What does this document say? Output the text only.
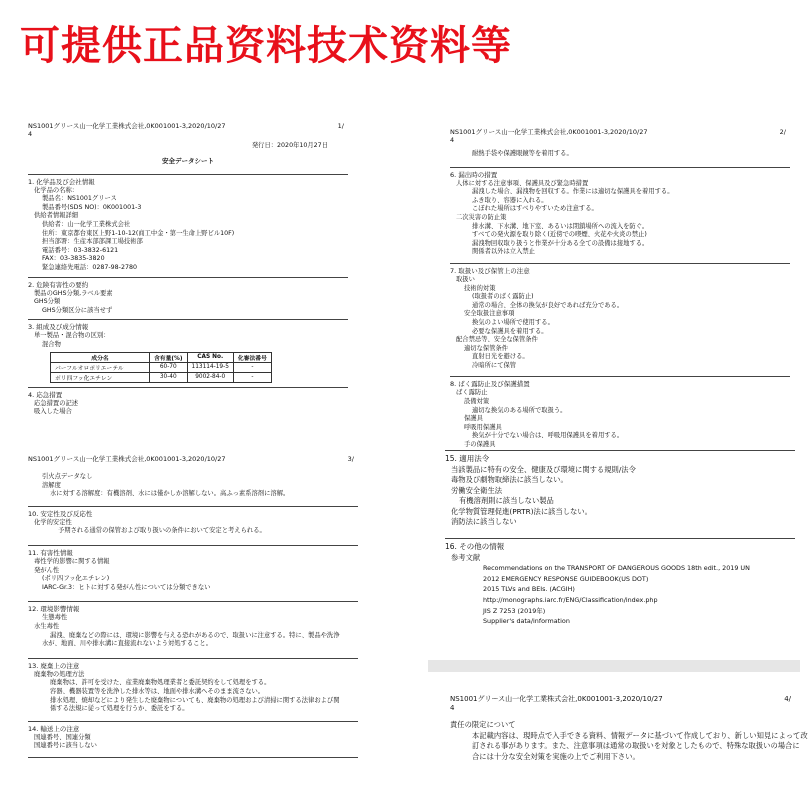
可提供正品资料技术资料等
NS1001グリース山一化学工業株式会社,0K001001-3,2020/10/27	1/
4
発行日：2020年10月27日
安全データシート
1. 化学品及び会社情報
化学品の名称：
製品名：NS1001グリース
製品番号(SDS NO)：0K001001-3
供給者情報詳細
供給者：山一化学工業株式会社
住所：東京都台東区上野1-10-12(商工中金・第一生命上野ビル10F)
担当部署：生産本部部課工場技術部
電話番号：03-3832-6121
FAX：03-3835-3820
緊急連絡先電話：0287-98-2780
2. 危険有害性の要約
製品のGHS分類,ラベル要素
GHS分類
GHS分類区分に該当せず
3. 組成及び成分情報
単一製品・混合物の区別：
混合物
成分名	含有量(%)	CAS No.	化審法番号
パーフルオロポリエーテル	60-70	113114-19-5	-
ポリ四フッ化エチレン	30-40	9002-84-0	-
4. 応急措置
応急措置の記述
吸入した場合
NS1001グリース山一化学工業株式会社,0K001001-3,2020/10/27	2/
4
耐熱手袋や保護眼鏡等を着用する。
6. 漏出時の措置
人体に対する注意事項、保護具及び緊急時措置
漏洩した場合、漏洩物を回収する。作業には適切な保護具を着用する。
ふき取り、容器に入れる。
こぼれた場所はすべりやすいため注意する。
二次災害の防止策
排水溝、下水溝、地下室、あるいは閉鎖場所への流入を防ぐ。
すべての発火源を取り除く(近傍での喫煙、火花や火炎の禁止)
漏洩物回収取り扱うと作業が十分ある全ての設備は接地する。
関係者以外は立入禁止
7. 取扱い及び保管上の注意
取扱い
技術的対策
(取扱者のばく露防止)
通常の場合、全体の換気が良好であれば充分である。
安全取扱注意事項
換気のよい場所で使用する。
必要な保護具を着用する。
配合禁忌等、安全な保管条件
適切な保管条件
直射日光を避ける。
冷暗所にて保管
8. ばく露防止及び保護措置
ばく露防止
設備対策
適切な換気のある場所で取扱う。
保護具
呼吸用保護具
換気が十分でない場合は、呼吸用保護具を着用する。
手の保護具
NS1001グリース山一化学工業株式会社,0K001001-3,2020/10/27	3/
引火点データなし
溶解度
水に対する溶解度：有機溶剤、水には僅かしか溶解しない。高ふっ素系溶剤に溶解。
10. 安定性及び反応性
化学的安定性
予期される通常の保管および取り扱いの条件において安定と考えられる。
11. 有害性情報
毒性学的影響に関する情報
発がん性
(ポリ四フッ化エチレン)
IARC-Gr.3：ヒトに対する発がん性については分類できない
12. 環境影響情報
生態毒性
水生毒性
漏洩、廃棄などの際には、環境に影響を与える恐れがあるので、取扱いに注意する。特に、製品や洗浄
水が、地面、川や排水溝に直接流れないよう対処すること。
13. 廃棄上の注意
廃棄物の処理方法
廃棄物は、許可を受けた、産業廃棄物処理業者と委託契約をして処理をする。
容器、機器装置等を洗浄した排水等は、地面や排水溝へそのまま流さない。
排水処理、焼却などにより発生した廃棄物についても、廃棄物の処理および清掃に関する法律および関
係する法規に従って処理を行うか、委託をする。
14. 輸送上の注意
国連番号、国連分類
国連番号に該当しない
15. 適用法令
当該製品に特有の安全、健康及び環境に関する規則/法令
毒物及び劇物取締法に該当しない。
労働安全衛生法
有機溶剤則に該当しない製品
化学物質管理促進(PRTR)法に該当しない。
消防法に該当しない
16. その他の情報
参考文献
Recommendations on the TRANSPORT OF DANGEROUS GOODS 18th edit., 2019 UN
2012 EMERGENCY RESPONSE GUIDEBOOK(US DOT)
2015 TLVs and BEIs. (ACGIH)
http://monographs.iarc.fr/ENG/Classification/index.php
JIS Z 7253 (2019年)
Supplier's data/information
NS1001グリース山一化学工業株式会社,0K001001-3,2020/10/27	4/
4
責任の限定について
本記載内容は、現時点で入手できる資料、情報データに基づいて作成しており、新しい知見によって改
訂される事があります。また、注意事項は通常の取扱いを対象としたもので、特殊な取扱いの場合に
合には十分な安全対策を実施の上でご利用下さい。
